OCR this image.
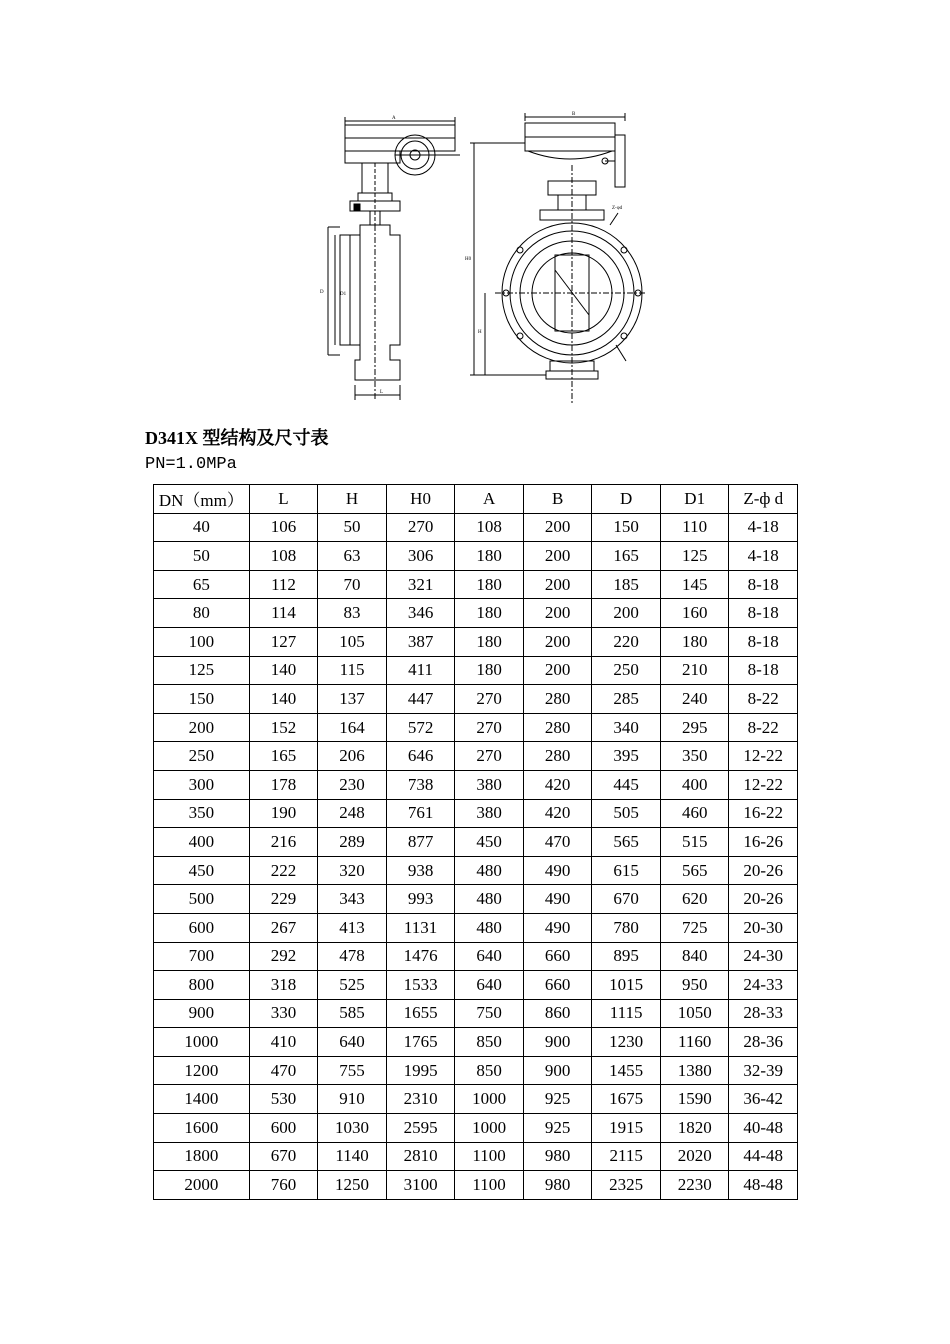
A
D	D1
L
B
H0
H
Z-φd
D341X 型结构及尺寸表
PN=1.0MPa
DN（mm）	L	H	H0	A	B	D	D1	Z-ф d
40	106	50	270	108	200	150	110	4-18
50	108	63	306	180	200	165	125	4-18
65	112	70	321	180	200	185	145	8-18
80	114	83	346	180	200	200	160	8-18
100	127	105	387	180	200	220	180	8-18
125	140	115	411	180	200	250	210	8-18
150	140	137	447	270	280	285	240	8-22
200	152	164	572	270	280	340	295	8-22
250	165	206	646	270	280	395	350	12-22
300	178	230	738	380	420	445	400	12-22
350	190	248	761	380	420	505	460	16-22
400	216	289	877	450	470	565	515	16-26
450	222	320	938	480	490	615	565	20-26
500	229	343	993	480	490	670	620	20-26
600	267	413	1131	480	490	780	725	20-30
700	292	478	1476	640	660	895	840	24-30
800	318	525	1533	640	660	1015	950	24-33
900	330	585	1655	750	860	1115	1050	28-33
1000	410	640	1765	850	900	1230	1160	28-36
1200	470	755	1995	850	900	1455	1380	32-39
1400	530	910	2310	1000	925	1675	1590	36-42
1600	600	1030	2595	1000	925	1915	1820	40-48
1800	670	1140	2810	1100	980	2115	2020	44-48
2000	760	1250	3100	1100	980	2325	2230	48-48
